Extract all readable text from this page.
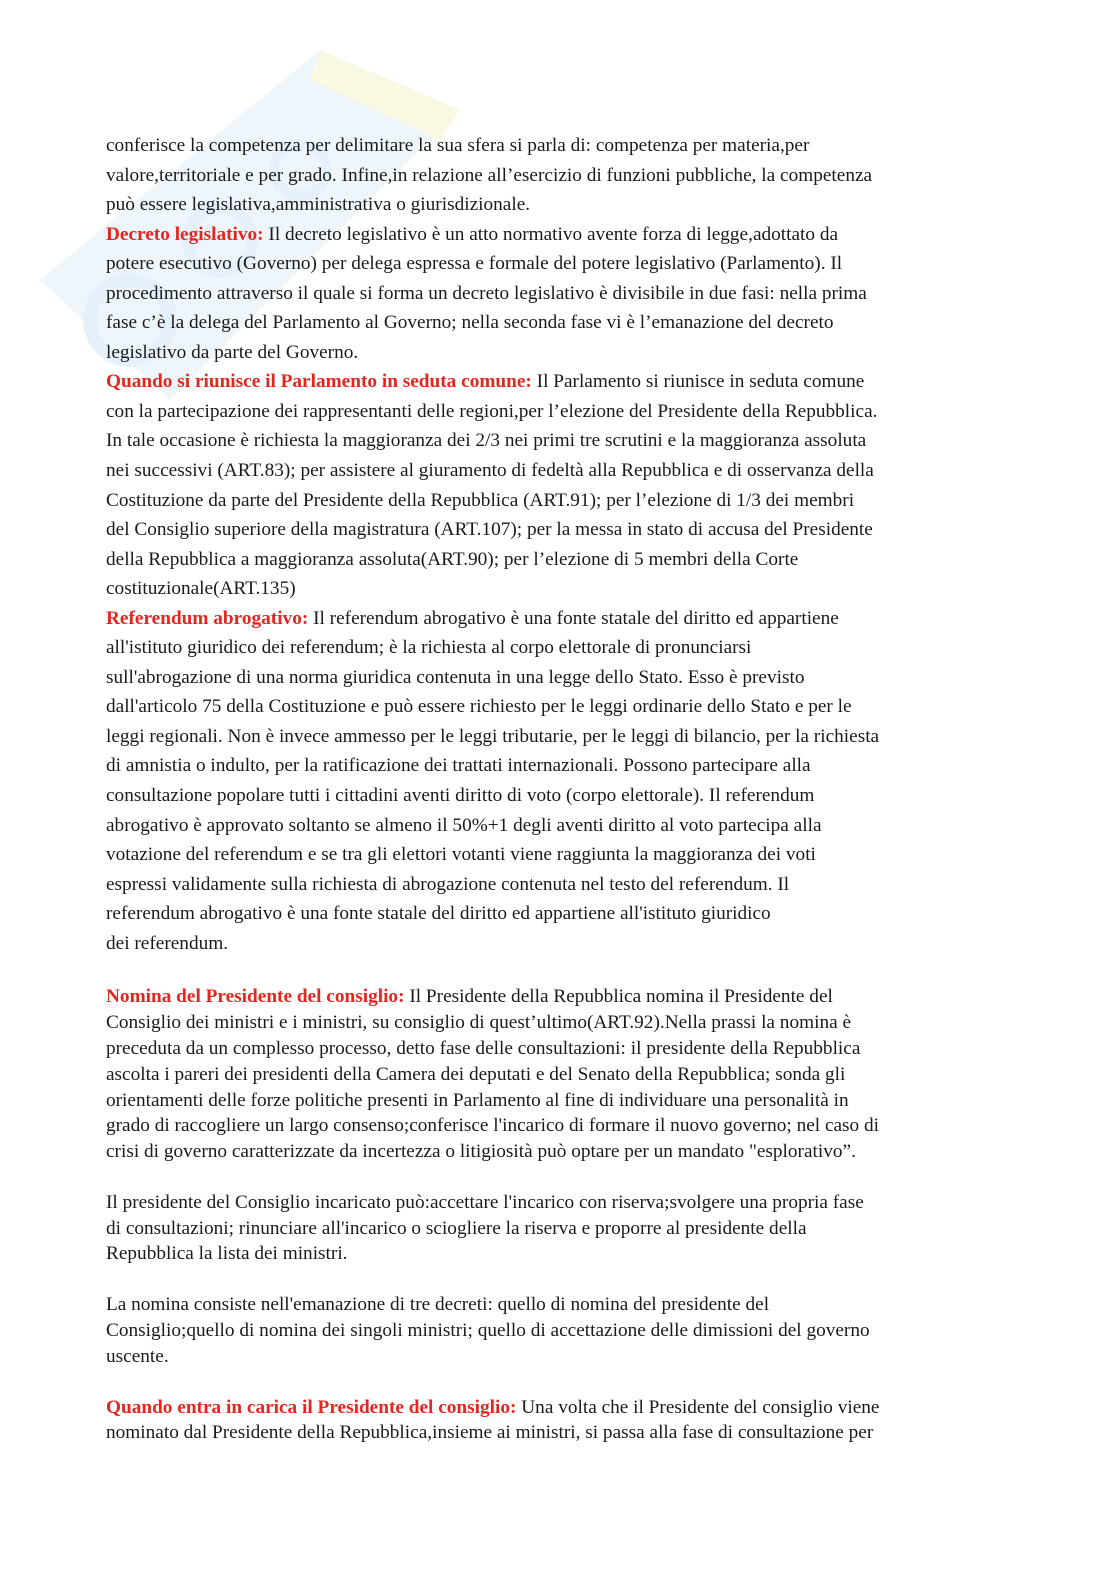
conferisce la competenza per delimitare la sua sfera si parla di: competenza per materia,per
valore,territoriale e per grado. Infine,in relazione all’esercizio di funzioni pubbliche, la competenza
può essere legislativa,amministrativa o giurisdizionale.

Decreto legislativo: Il decreto legislativo è un atto normativo avente forza di legge,adottato da
potere esecutivo (Governo) per delega espressa e formale del potere legislativo (Parlamento). Il
procedimento attraverso il quale si forma un decreto legislativo è divisibile in due fasi: nella prima
fase c’è la delega del Parlamento al Governo; nella seconda fase vi è l’emanazione del decreto
legislativo da parte del Governo.

Quando si riunisce il Parlamento in seduta comune: Il Parlamento si riunisce in seduta comune
con la partecipazione dei rappresentanti delle regioni,per l’elezione del Presidente della Repubblica.
In tale occasione è richiesta la maggioranza dei 2/3 nei primi tre scrutini e la maggioranza assoluta
nei successivi (ART.83); per assistere al giuramento di fedeltà alla Repubblica e di osservanza della
Costituzione da parte del Presidente della Repubblica (ART.91); per l’elezione di 1/3 dei membri
del Consiglio superiore della magistratura (ART.107); per la messa in stato di accusa del Presidente
della Repubblica a maggioranza assoluta(ART.90); per l’elezione di 5 membri della Corte
costituzionale(ART.135)

Referendum abrogativo: Il referendum abrogativo è una fonte statale del diritto ed appartiene
all'istituto giuridico dei referendum; è la richiesta al corpo elettorale di pronunciarsi
sull'abrogazione di una norma giuridica contenuta in una legge dello Stato. Esso è previsto
dall'articolo 75 della Costituzione e può essere richiesto per le leggi ordinarie dello Stato e per le
leggi regionali. Non è invece ammesso per le leggi tributarie, per le leggi di bilancio, per la richiesta
di amnistia o indulto, per la ratificazione dei trattati internazionali. Possono partecipare alla
consultazione popolare tutti i cittadini aventi diritto di voto (corpo elettorale). Il referendum
abrogativo è approvato soltanto se almeno il 50%+1 degli aventi diritto al voto partecipa alla
votazione del referendum e se tra gli elettori votanti viene raggiunta la maggioranza dei voti
espressi validamente sulla richiesta di abrogazione contenuta nel testo del referendum. Il
referendum abrogativo è una fonte statale del diritto ed appartiene all'istituto giuridico
dei referendum.

Nomina del Presidente del consiglio: Il Presidente della Repubblica nomina il Presidente del
Consiglio dei ministri e i ministri, su consiglio di quest’ultimo(ART.92).Nella prassi la nomina è
preceduta da un complesso processo, detto fase delle consultazioni: il presidente della Repubblica
ascolta i pareri dei presidenti della Camera dei deputati e del Senato della Repubblica; sonda gli
orientamenti delle forze politiche presenti in Parlamento al fine di individuare una personalità in
grado di raccogliere un largo consenso;conferisce l'incarico di formare il nuovo governo; nel caso di
crisi di governo caratterizzate da incertezza o litigiosità può optare per un mandato "esplorativo”.

Il presidente del Consiglio incaricato può:accettare l'incarico con riserva;svolgere una propria fase
di consultazioni; rinunciare all'incarico o sciogliere la riserva e proporre al presidente della
Repubblica la lista dei ministri.

La nomina consiste nell'emanazione di tre decreti: quello di nomina del presidente del
Consiglio;quello di nomina dei singoli ministri; quello di accettazione delle dimissioni del governo
uscente.

Quando entra in carica il Presidente del consiglio: Una volta che il Presidente del consiglio viene
nominato dal Presidente della Repubblica,insieme ai ministri, si passa alla fase di consultazione per
